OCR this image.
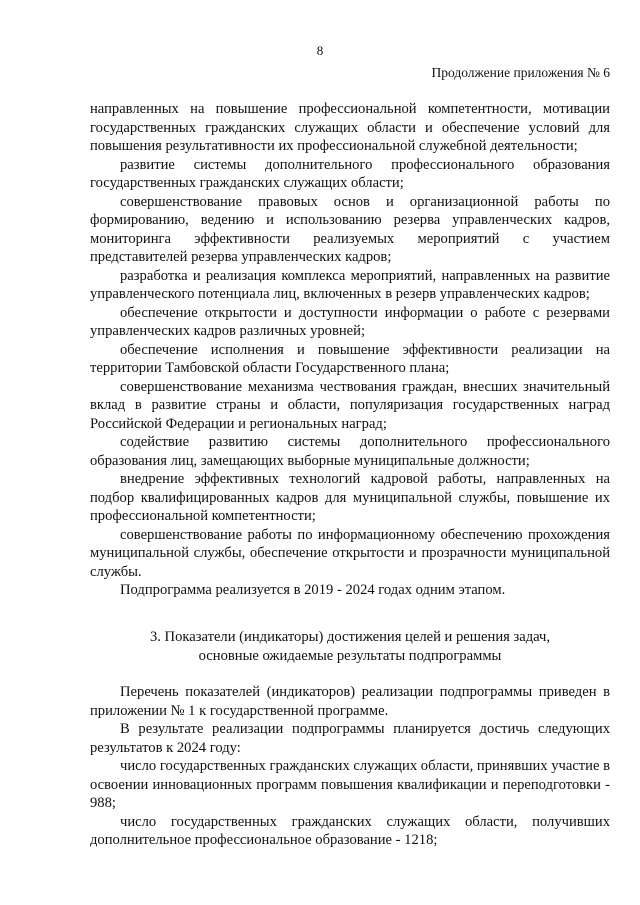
8
Продолжение приложения № 6

направленных на повышение профессиональной компетентности, мотивации государственных гражданских служащих области и обеспечение условий для повышения результативности их профессиональной служебной деятельности;

развитие системы дополнительного профессионального образования государственных гражданских служащих области;

совершенствование правовых основ и организационной работы по формированию, ведению и использованию резерва управленческих кадров, мониторинга эффективности реализуемых мероприятий с участием представителей резерва управленческих кадров;

разработка и реализация комплекса мероприятий, направленных на развитие управленческого потенциала лиц, включенных в резерв управленческих кадров;

обеспечение открытости и доступности информации о работе с резервами управленческих кадров различных уровней;

обеспечение исполнения и повышение эффективности реализации на территории Тамбовской области Государственного плана;

совершенствование механизма чествования граждан, внесших значительный вклад в развитие страны и области, популяризация государственных наград Российской Федерации и региональных наград;

содействие развитию системы дополнительного профессионального образования лиц, замещающих выборные муниципальные должности;

внедрение эффективных технологий кадровой работы, направленных на подбор квалифицированных кадров для муниципальной службы, повышение их профессиональной компетентности;

совершенствование работы по информационному обеспечению прохождения муниципальной службы, обеспечение открытости и прозрачности муниципальной службы.

Подпрограмма реализуется в 2019 - 2024 годах одним этапом.

3. Показатели (индикаторы) достижения целей и решения задач,
основные ожидаемые результаты подпрограммы

Перечень показателей (индикаторов) реализации подпрограммы приведен в приложении № 1 к государственной программе.

В результате реализации подпрограммы планируется достичь следующих результатов к 2024 году:

число государственных гражданских служащих области, принявших участие в освоении инновационных программ повышения квалификации и переподготовки - 988;

число государственных гражданских служащих области, получивших дополнительное профессиональное образование - 1218;
